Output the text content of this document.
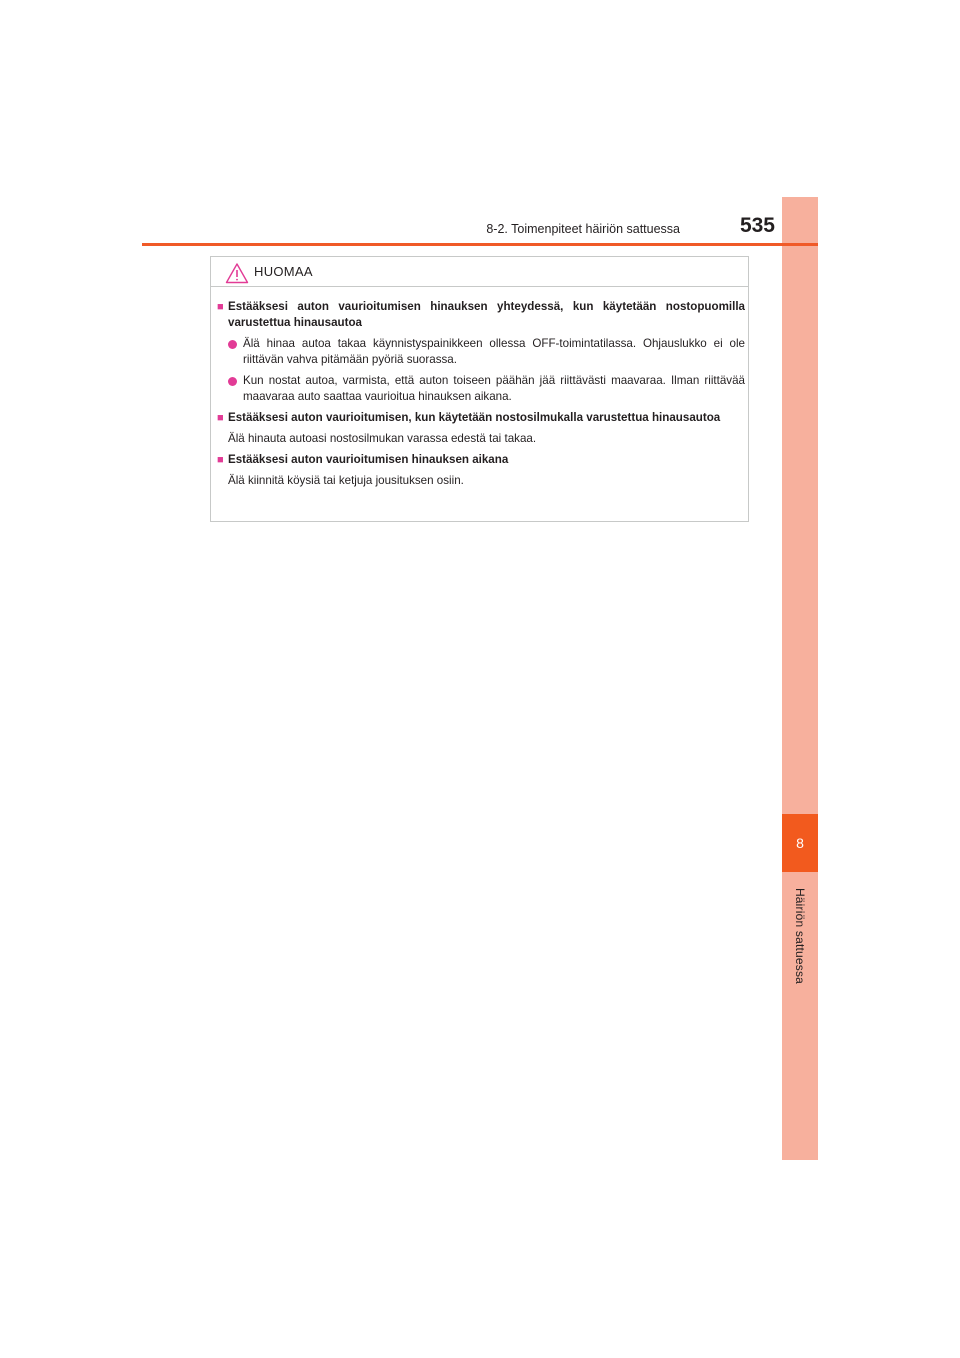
8
Häiriön sattuessa
8-2. Toimenpiteet häiriön sattuessa	535
HUOMAA
■ Estääksesi auton vaurioitumisen hinauksen yhteydessä, kun käytetään nostopuomilla varustettua hinausautoa
Älä hinaa autoa takaa käynnistyspainikkeen ollessa OFF-toimintatilassa. Ohjauslukko ei ole riittävän vahva pitämään pyöriä suorassa.
Kun nostat autoa, varmista, että auton toiseen päähän jää riittävästi maavaraa. Ilman riittävää maavaraa auto saattaa vaurioitua hinauksen aikana.
■ Estääksesi auton vaurioitumisen, kun käytetään nostosilmukalla varustettua hinausautoa
Älä hinauta autoasi nostosilmukan varassa edestä tai takaa.
■ Estääksesi auton vaurioitumisen hinauksen aikana
Älä kiinnitä köysiä tai ketjuja jousituksen osiin.
